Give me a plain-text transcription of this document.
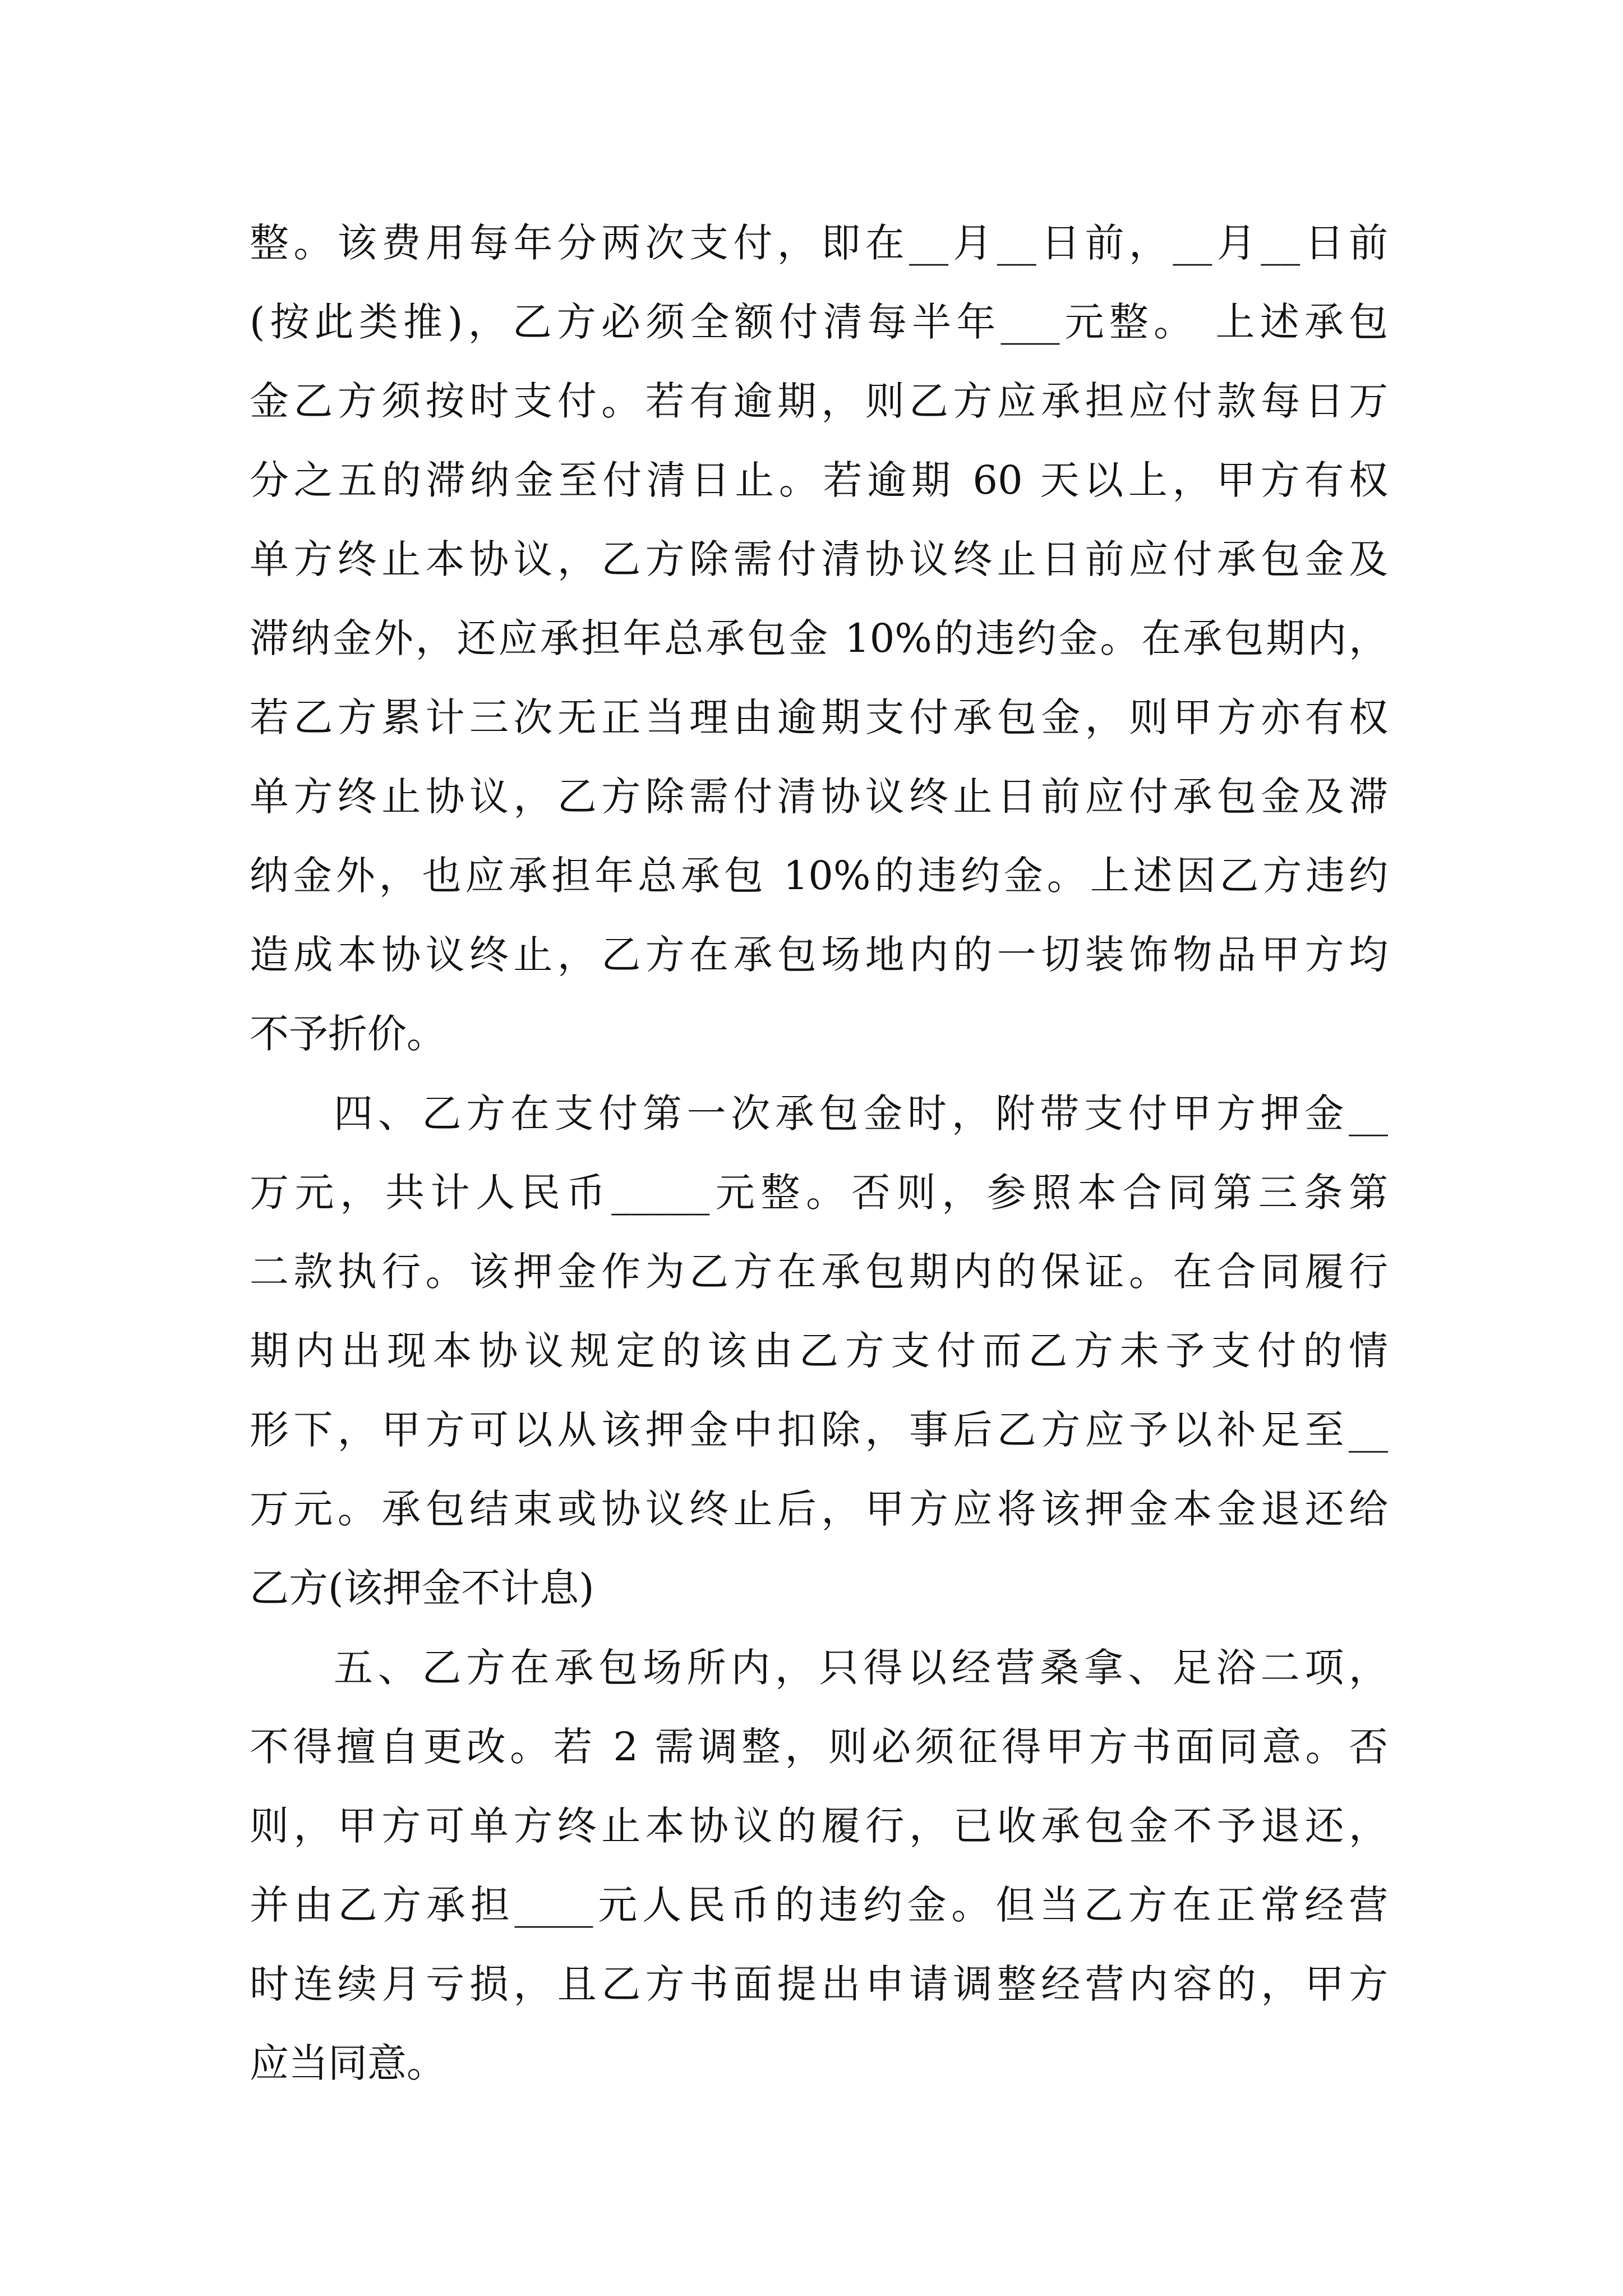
整。该费用每年分两次支付，即在__月__日前，__月__日前

(按此类推)，乙方必须全额付清每半年___元整。 上述承包

金乙方须按时支付。若有逾期，则乙方应承担应付款每日万

分之五的滞纳金至付清日止。若逾期 60 天以上，甲方有权

单方终止本协议，乙方除需付清协议终止日前应付承包金及

滞纳金外，还应承担年总承包金 10%的违约金。在承包期内，

若乙方累计三次无正当理由逾期支付承包金，则甲方亦有权

单方终止协议，乙方除需付清协议终止日前应付承包金及滞

纳金外，也应承担年总承包 10%的违约金。上述因乙方违约

造成本协议终止，乙方在承包场地内的一切装饰物品甲方均

不予折价。

四、乙方在支付第一次承包金时，附带支付甲方押金__

万元，共计人民币_____元整。否则，参照本合同第三条第

二款执行。该押金作为乙方在承包期内的保证。在合同履行

期内出现本协议规定的该由乙方支付而乙方未予支付的情

形下，甲方可以从该押金中扣除，事后乙方应予以补足至__

万元。承包结束或协议终止后，甲方应将该押金本金退还给

乙方(该押金不计息)

五、乙方在承包场所内，只得以经营桑拿、足浴二项，

不得擅自更改。若 2 需调整，则必须征得甲方书面同意。否

则，甲方可单方终止本协议的履行，已收承包金不予退还，

并由乙方承担____元人民币的违约金。但当乙方在正常经营

时连续月亏损，且乙方书面提出申请调整经营内容的，甲方

应当同意。
